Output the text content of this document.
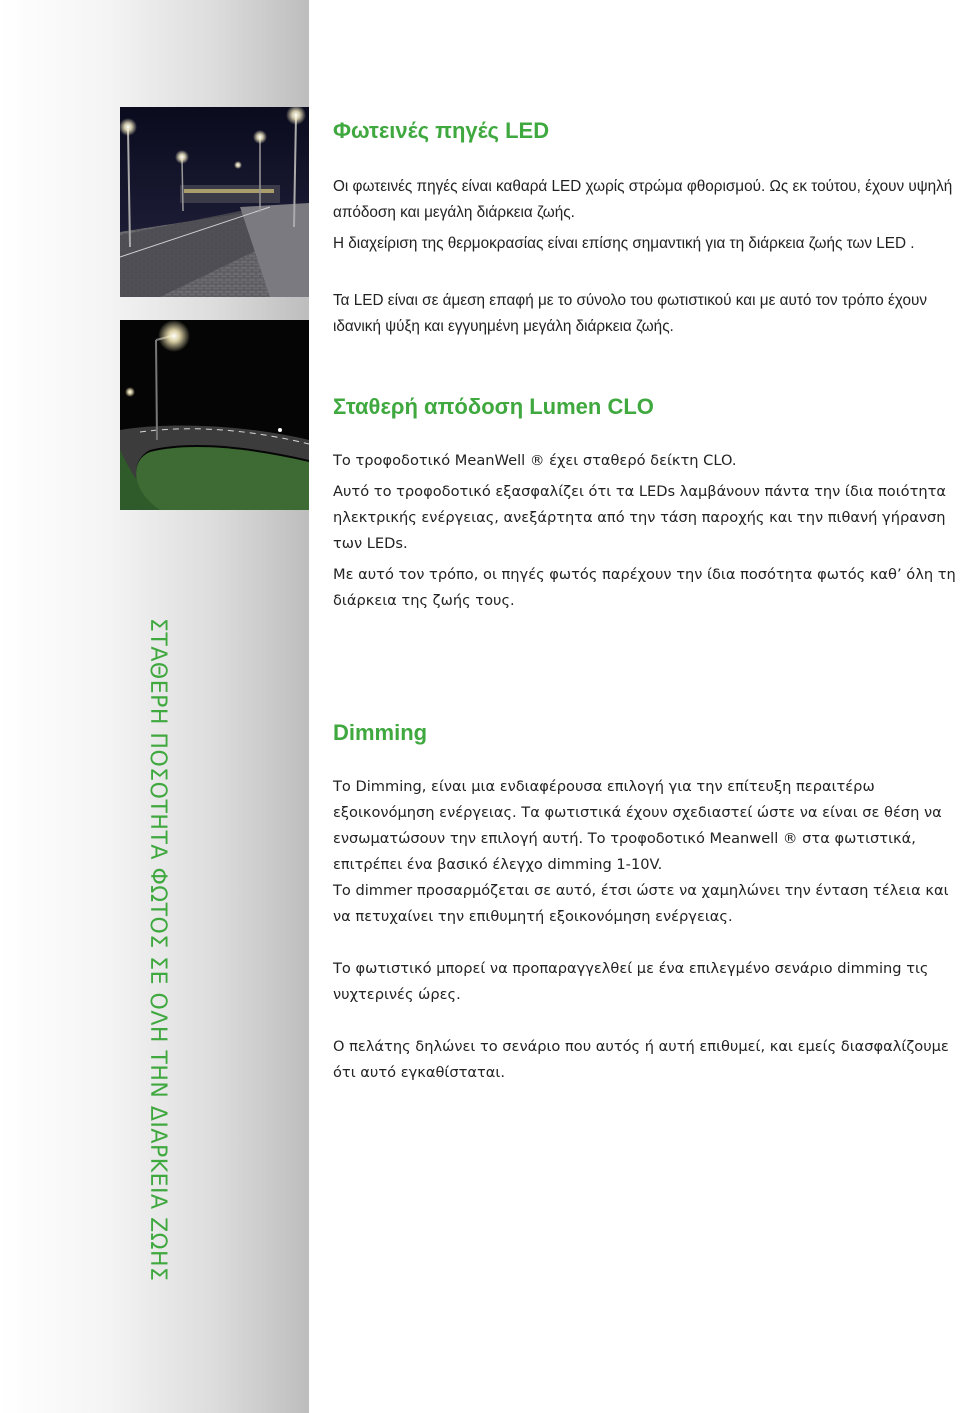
ΣΤΑΘΕΡΗ ΠΟΣΟΤΗΤΑ ΦΩΤΟΣ ΣΕ ΟΛΗ ΤΗΝ ΔΙΑΡΚΕΙΑ ΖΩΗΣ
Φωτεινές πηγές LED

Οι φωτεινές πηγές είναι καθαρά LED χωρίς στρώμα φθορισμού. Ως εκ τούτου, έχουν υψηλή απόδοση και μεγάλη διάρκεια ζωής.

Η διαχείριση της θερμοκρασίας είναι επίσης σημαντική για τη διάρκεια ζωής των LED .

Τα LED είναι σε άμεση επαφή με το σύνολο του φωτιστικού και με αυτό τον τρόπο έχουν ιδανική ψύξη και εγγυημένη μεγάλη διάρκεια ζωής.

Σταθερή απόδοση Lumen CLO

Το τροφοδοτικό MeanWell ® έχει σταθερό δείκτη CLO.

Αυτό το τροφοδοτικό εξασφαλίζει ότι τα LEDs λαμβάνουν πάντα την ίδια ποιότητα ηλεκτρικής ενέργειας, ανεξάρτητα από την τάση παροχής και την πιθανή γήρανση των LEDs.

Με αυτό τον τρόπο, οι πηγές φωτός παρέχουν την ίδια ποσότητα φωτός καθ’ όλη τη διάρκεια της ζωής τους.

Dimming

Το Dimming, είναι μια ενδιαφέρουσα επιλογή για την επίτευξη περαιτέρω εξοικονόμηση ενέργειας. Τα φωτιστικά έχουν σχεδιαστεί ώστε να είναι σε θέση να ενσωματώσουν την επιλογή αυτή. Το τροφοδοτικό Meanwell ® στα φωτιστικά, επιτρέπει ένα βασικό έλεγχο dimming 1-10V.

Το dimmer προσαρμόζεται σε αυτό, έτσι ώστε να χαμηλώνει την ένταση τέλεια και να πετυχαίνει την επιθυμητή εξοικονόμηση ενέργειας.

Το φωτιστικό μπορεί να προπαραγγελθεί με ένα επιλεγμένο σενάριο dimming τις νυχτερινές ώρες.

Ο πελάτης δηλώνει το σενάριο που αυτός ή αυτή επιθυμεί, και εμείς διασφαλίζουμε ότι αυτό εγκαθίσταται.
